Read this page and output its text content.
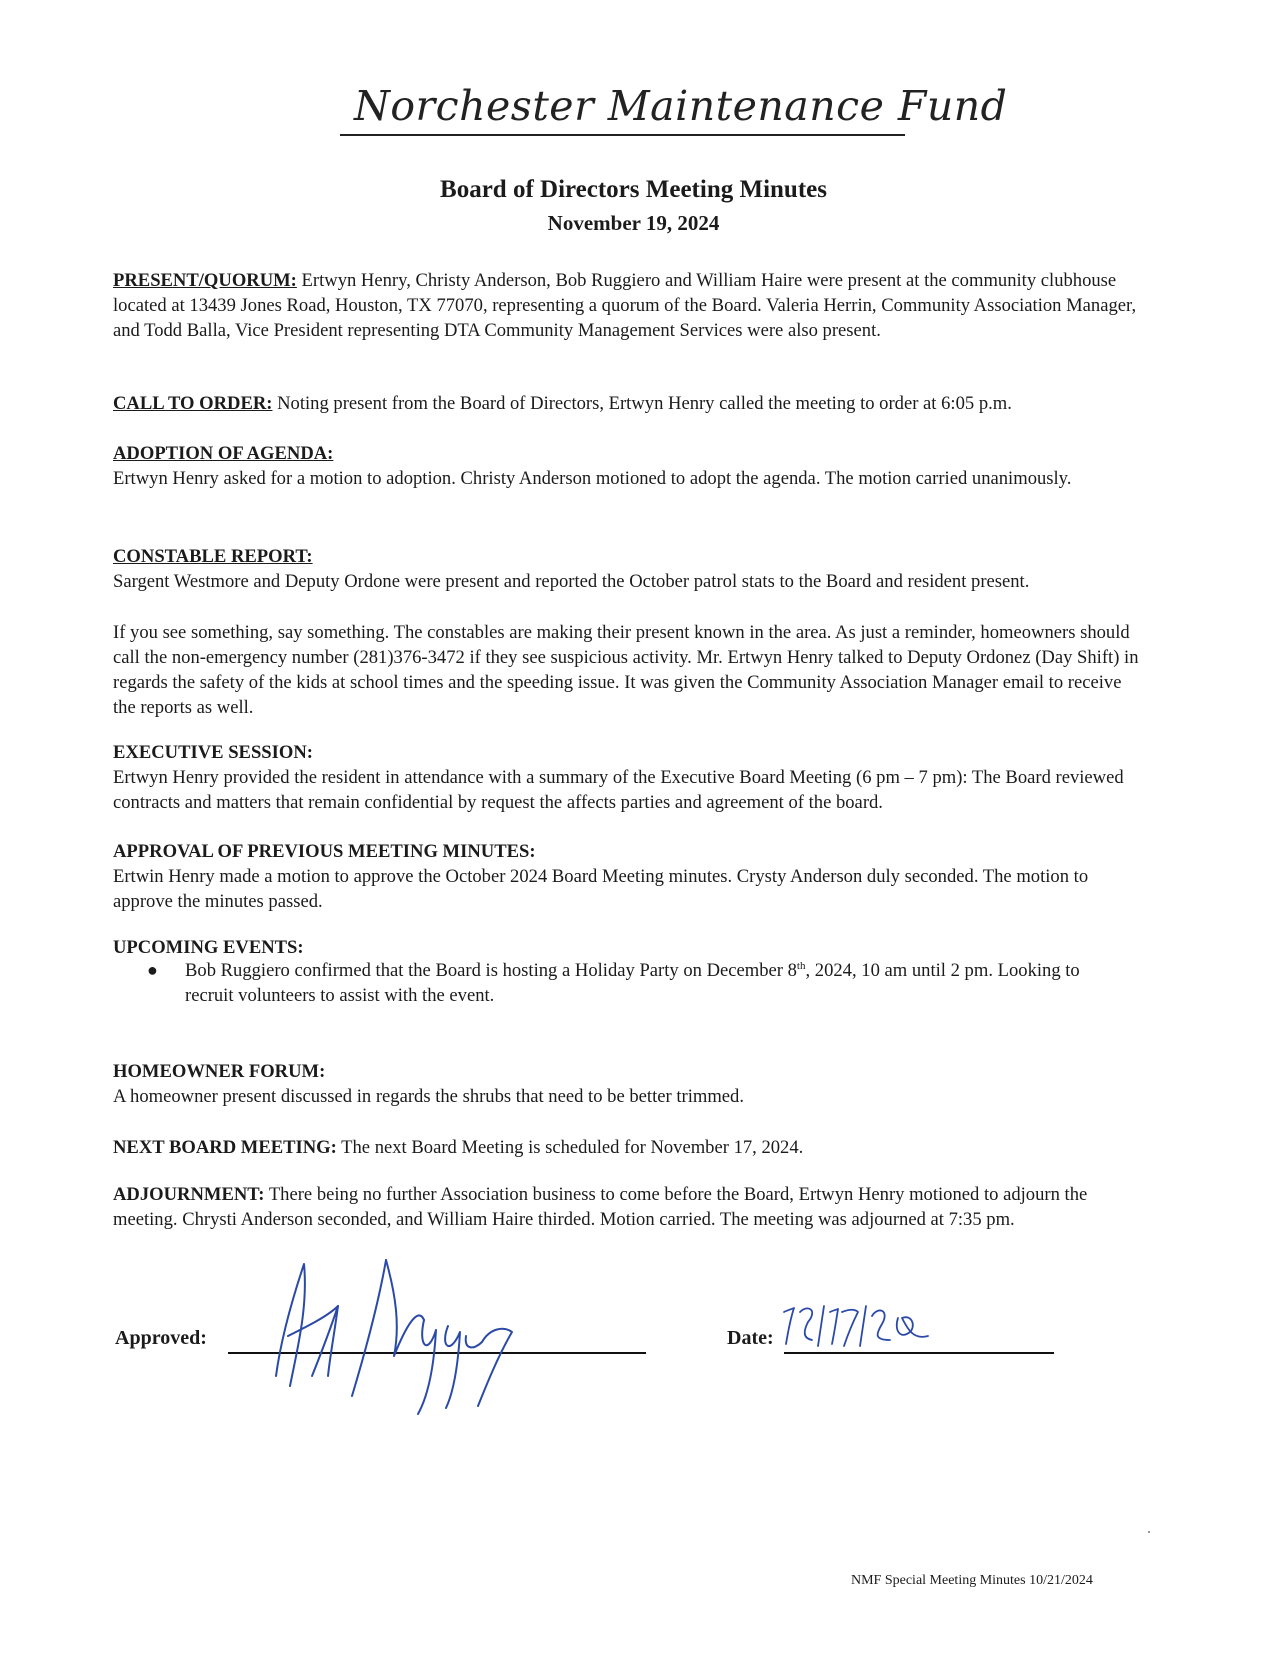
Norchester Maintenance Fund
Board of Directors Meeting Minutes
November 19, 2024
PRESENT/QUORUM: Ertwyn Henry, Christy Anderson, Bob Ruggiero and William Haire were present at the community clubhouse located at 13439 Jones Road, Houston, TX 77070, representing a quorum of the Board. Valeria Herrin, Community Association Manager, and Todd Balla, Vice President representing DTA Community Management Services were also present.
CALL TO ORDER: Noting present from the Board of Directors, Ertwyn Henry called the meeting to order at 6:05 p.m.
ADOPTION OF AGENDA:
Ertwyn Henry asked for a motion to adoption. Christy Anderson motioned to adopt the agenda. The motion carried unanimously.
CONSTABLE REPORT:
Sargent Westmore and Deputy Ordone were present and reported the October patrol stats to the Board and resident present.
If you see something, say something. The constables are making their present known in the area. As just a reminder, homeowners should call the non-emergency number (281)376-3472 if they see suspicious activity. Mr. Ertwyn Henry talked to Deputy Ordonez (Day Shift) in regards the safety of the kids at school times and the speeding issue. It was given the Community Association Manager email to receive the reports as well.
EXECUTIVE SESSION:
Ertwyn Henry provided the resident in attendance with a summary of the Executive Board Meeting (6 pm – 7 pm): The Board reviewed contracts and matters that remain confidential by request the affects parties and agreement of the board.
APPROVAL OF PREVIOUS MEETING MINUTES:
Ertwin Henry made a motion to approve the October 2024 Board Meeting minutes. Crysty Anderson duly seconded. The motion to approve the minutes passed.
UPCOMING EVENTS:
● Bob Ruggiero confirmed that the Board is hosting a Holiday Party on December 8th, 2024, 10 am until 2 pm. Looking to recruit volunteers to assist with the event.
HOMEOWNER FORUM:
A homeowner present discussed in regards the shrubs that need to be better trimmed.
NEXT BOARD MEETING: The next Board Meeting is scheduled for November 17, 2024.
ADJOURNMENT: There being no further Association business to come before the Board, Ertwyn Henry motioned to adjourn the meeting. Chrysti Anderson seconded, and William Haire thirded. Motion carried. The meeting was adjourned at 7:35 pm.
Approved:	Date:
NMF Special Meeting Minutes 10/21/2024
